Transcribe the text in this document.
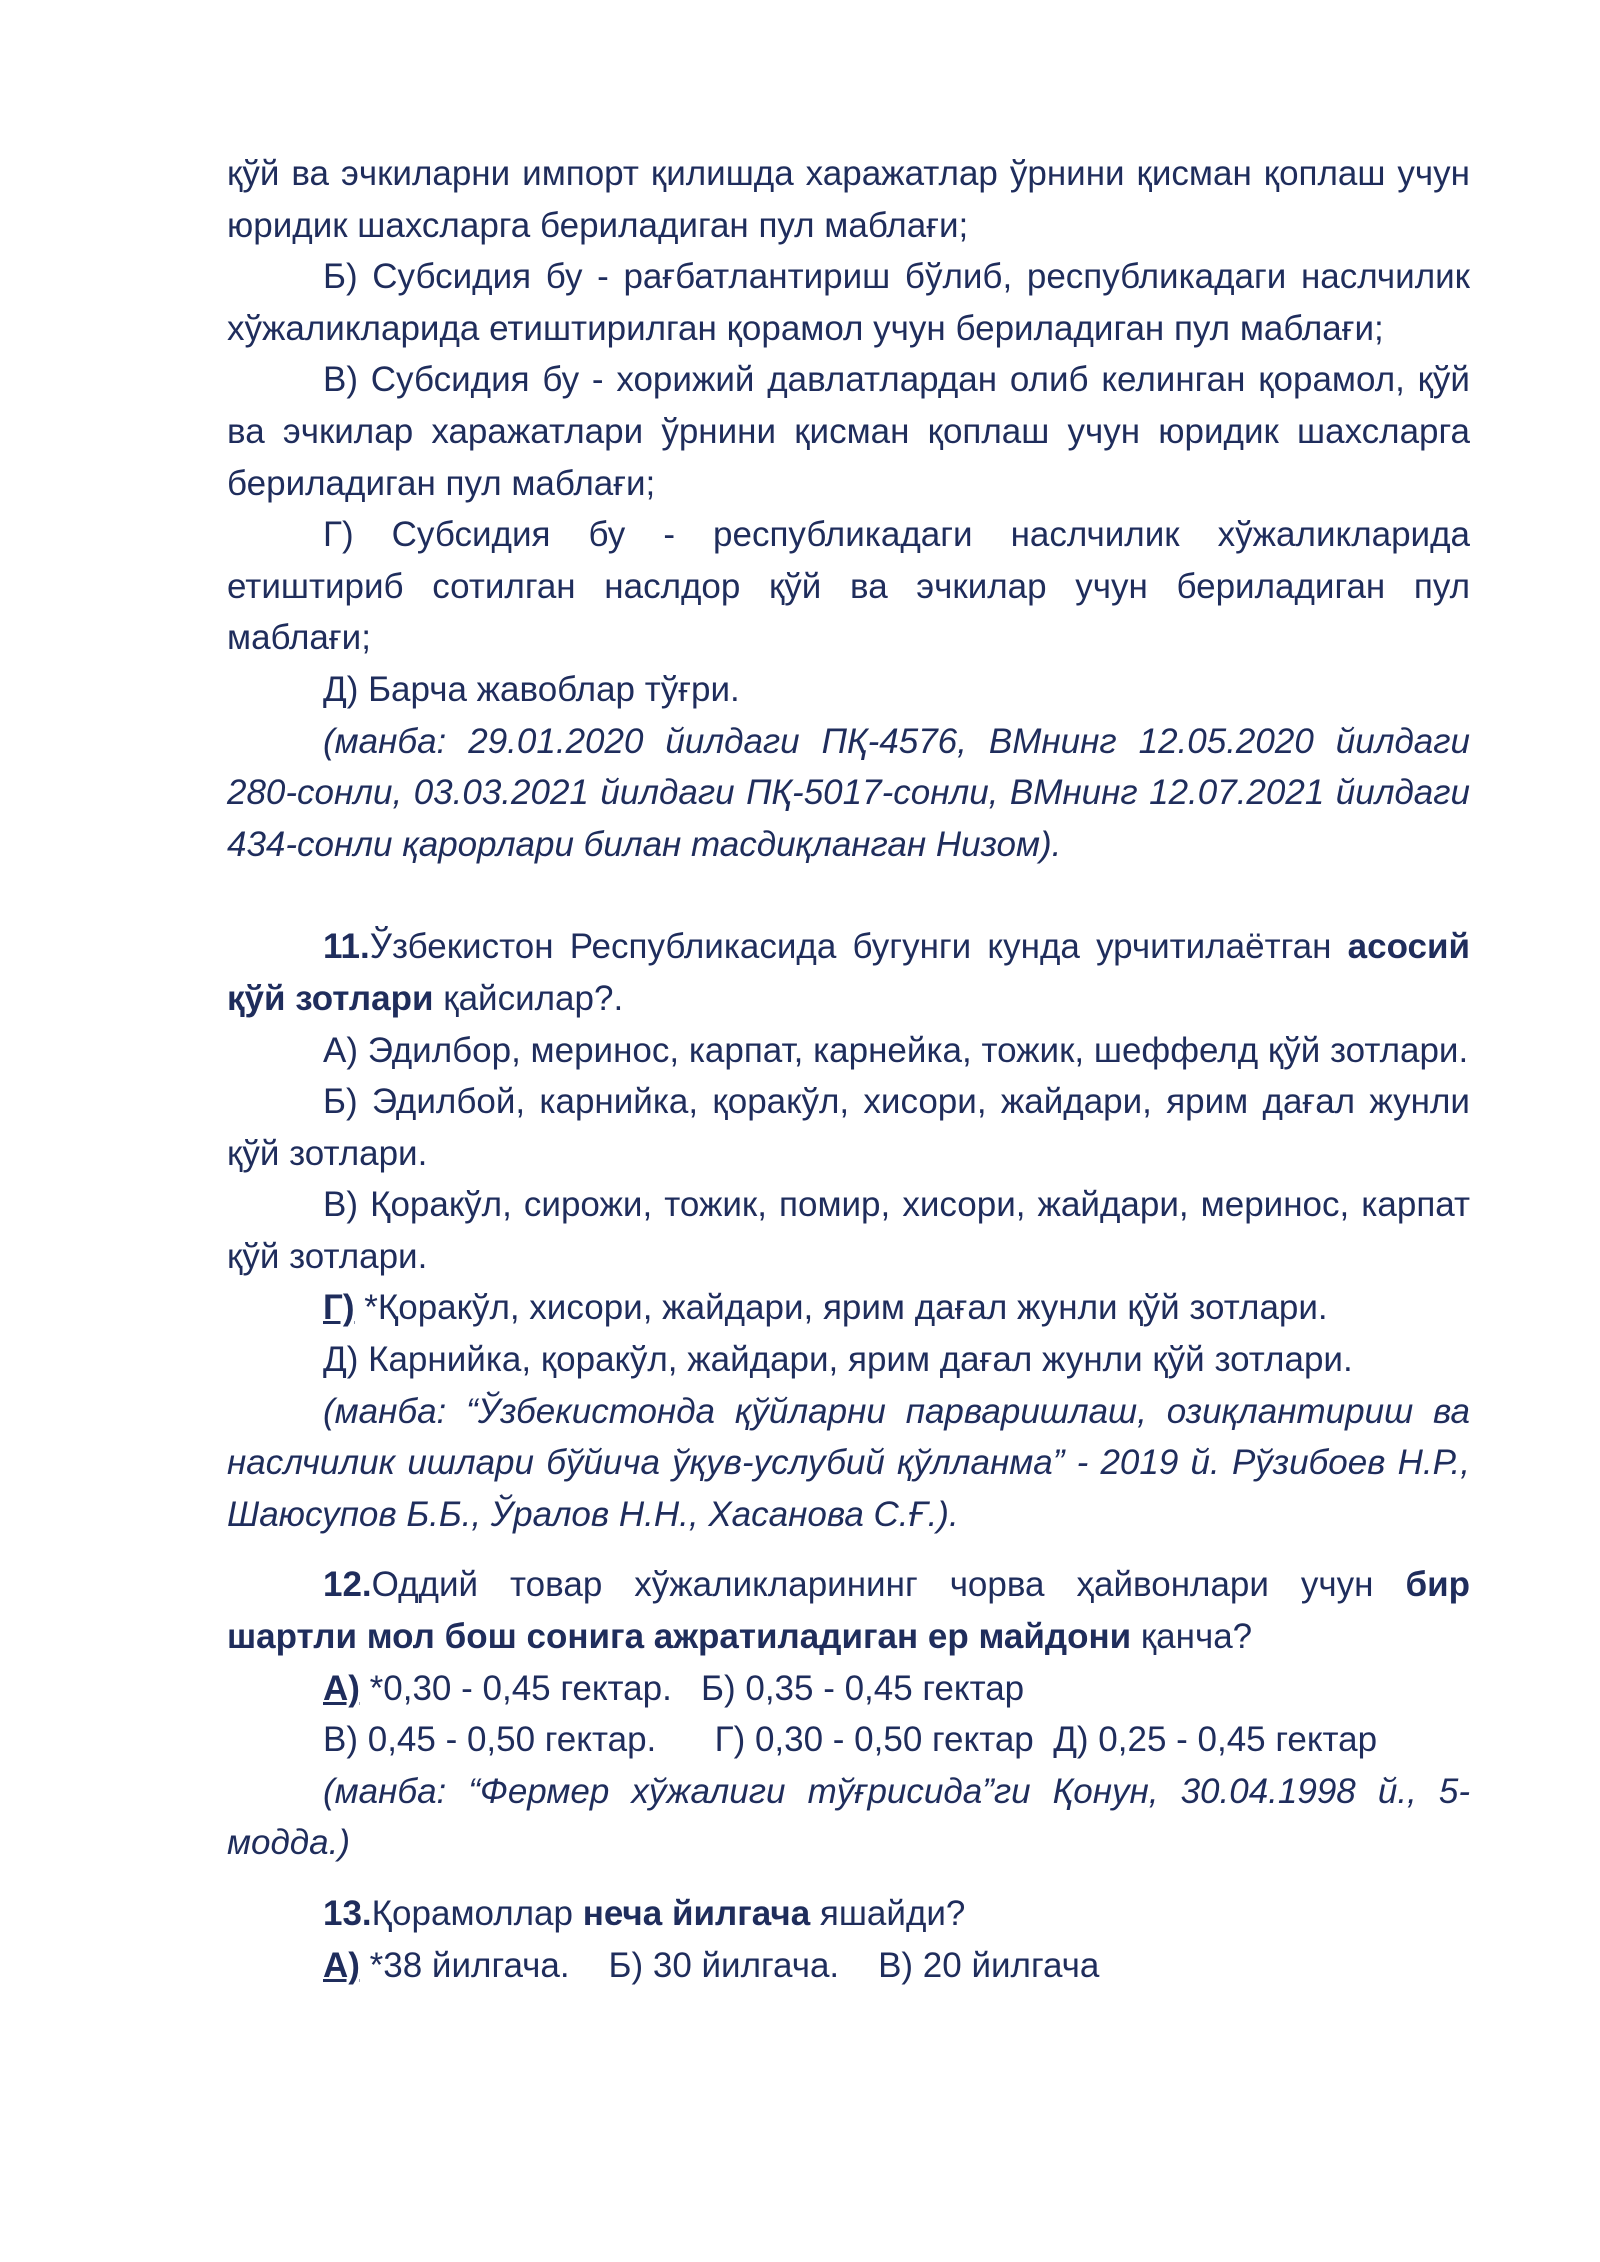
қўй ва эчкиларни импорт қилишда харажатлар ўрнини қисман қоплаш учун юридик шахсларга бериладиган пул маблағи;

Б) Субсидия бу - рағбатлантириш бўлиб, республикадаги наслчилик хўжаликларида етиштирилган қорамол учун бериладиган пул маблағи;

В) Субсидия бу - хорижий давлатлардан олиб келинган қорамол, қўй ва эчкилар харажатлари ўрнини қисман қоплаш учун юридик шахсларга бериладиган пул маблағи;

Г) Субсидия бу - республикадаги наслчилик хўжаликларида етиштириб сотилган наслдор қўй ва эчкилар учун бериладиган пул маблағи;

Д) Барча жавоблар тўғри.

(манба: 29.01.2020 йилдаги ПҚ-4576, ВМнинг 12.05.2020 йилдаги 280-сонли, 03.03.2021 йилдаги ПҚ-5017-сонли, ВМнинг 12.07.2021 йилдаги 434-сонли қарорлари билан тасдиқланган Низом).

11.Ўзбекистон Республикасида бугунги кунда урчитилаётган асосий қўй зотлари қайсилар?.

А) Эдилбор, меринос, карпат, карнейка, тожик, шеффелд қўй зотлари.

Б) Эдилбой, карнийка, қоракўл, хисори, жайдари, ярим дағал жунли қўй зотлари.

В) Қоракўл, сирожи, тожик, помир, хисори, жайдари, меринос, карпат қўй зотлари.

Г) *Қоракўл, хисори, жайдари, ярим дағал жунли қўй зотлари.

Д) Карнийка, қоракўл, жайдари, ярим дағал жунли қўй зотлари.

(манба: “Ўзбекистонда қўйларни парваришлаш, озиқлантириш ва наслчилик ишлари бўйича ўқув-услубий қўлланма” - 2019 й. Рўзибоев Н.Р., Шаюсупов Б.Б., Ўралов Н.Н., Хасанова С.Ғ.).

12.Оддий товар хўжаликларининг чорва ҳайвонлари учун бир шартли мол бош сонига ажратиладиган ер майдони қанча?

А) *0,30 - 0,45 гектар. Б) 0,35 - 0,45 гектар

В) 0,45 - 0,50 гектар. Г) 0,30 - 0,50 гектар Д) 0,25 - 0,45 гектар

(манба: “Фермер хўжалиги тўғрисида”ги Қонун, 30.04.1998 й., 5-модда.)

13.Қорамоллар неча йилгача яшайди?

А) *38 йилгача. Б) 30 йилгача. В) 20 йилгача
